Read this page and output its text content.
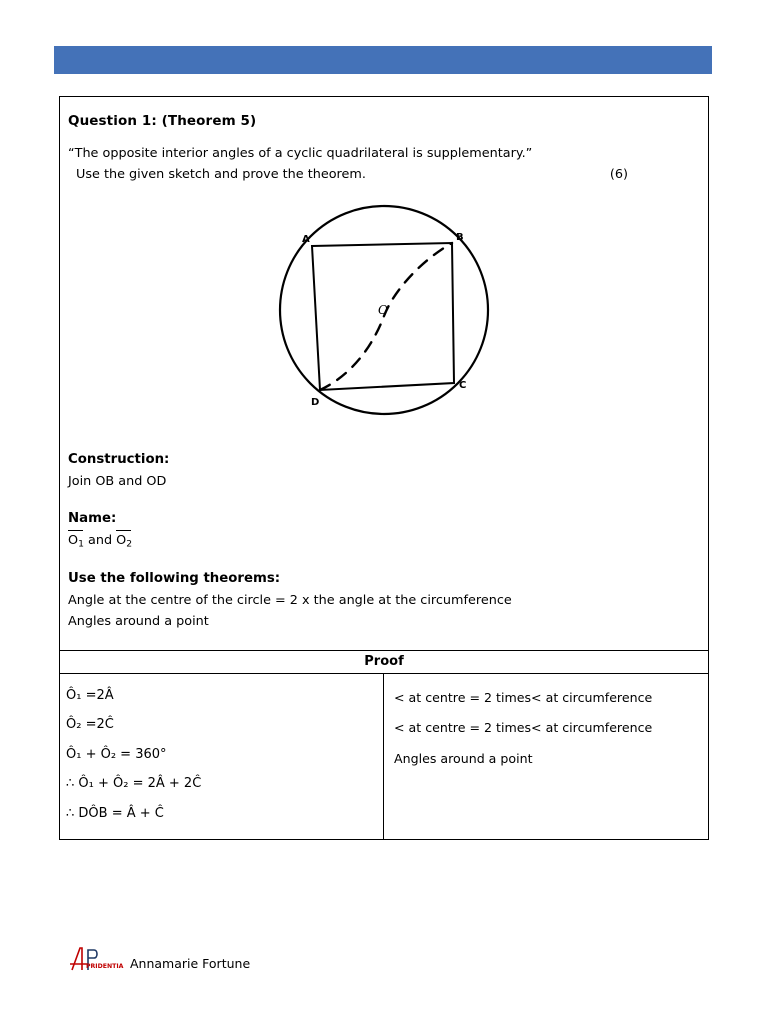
Question 1: (Theorem 5)
“The opposite interior angles of a cyclic quadrilateral is supplementary.”
Use the given sketch and prove the theorem.	(6)
O
A	B
C
D
Construction:
Join OB and OD
Name:
$O_1$ and $O_2$
Use the following theorems:
Angle at the centre of the circle = 2 x the angle at the circumference
Angles around a point
Proof
Ô₁ =2Â
Ô₂ =2Ĉ
Ô₁ + Ô₂ = 360°
∴ Ô₁ + Ô₂ = 2Â + 2Ĉ
∴ DÔB = Â + Ĉ
< at centre = 2 times< at circumference
< at centre = 2 times< at circumference
Angles around a point
PRIDENTIA Annamarie Fortune
